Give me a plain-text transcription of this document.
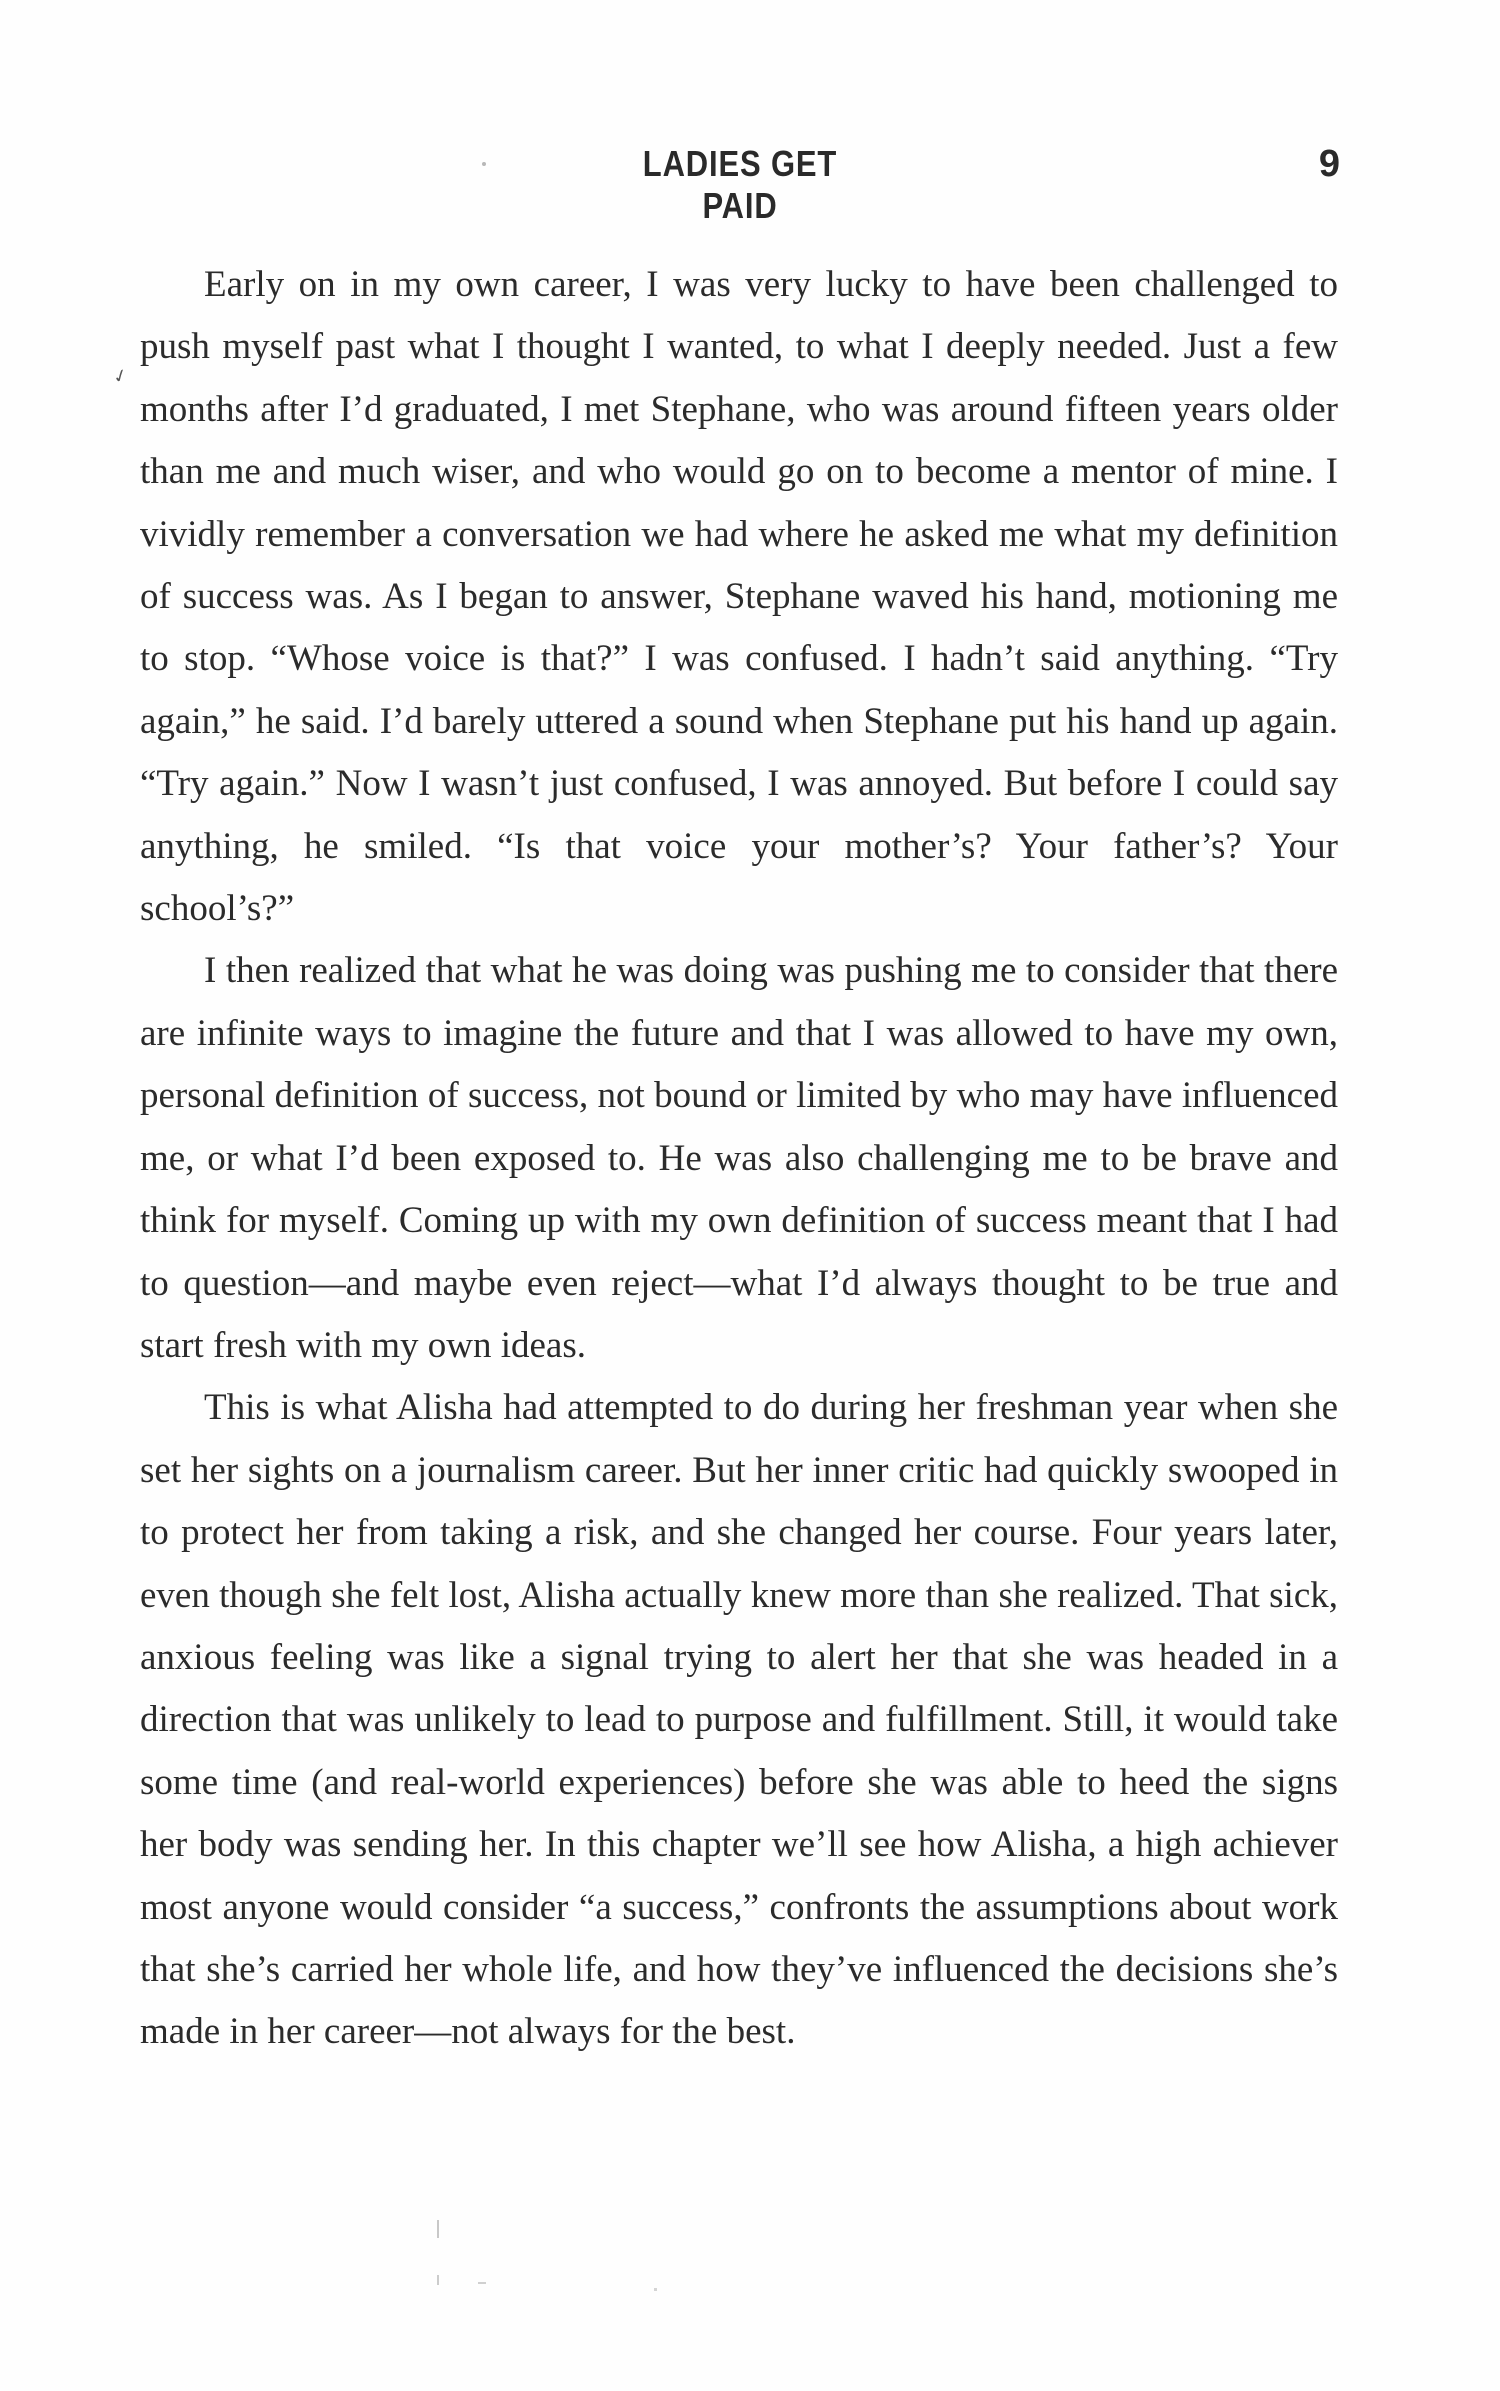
LADIES GET PAID
9

Early on in my own career, I was very lucky to have been challenged to push myself past what I thought I wanted, to what I deeply needed. Just a few months after I’d graduated, I met Stephane, who was around fifteen years older than me and much wiser, and who would go on to become a mentor of mine. I vividly remember a conversation we had where he asked me what my definition of success was. As I began to answer, Stephane waved his hand, motioning me to stop. “Whose voice is that?” I was confused. I hadn’t said anything. “Try again,” he said. I’d barely uttered a sound when Stephane put his hand up again. “Try again.” Now I wasn’t just confused, I was annoyed. But before I could say anything, he smiled. “Is that voice your mother’s? Your father’s? Your school’s?”

I then realized that what he was doing was pushing me to consider that there are infinite ways to imagine the future and that I was allowed to have my own, personal definition of success, not bound or limited by who may have influenced me, or what I’d been exposed to. He was also challenging me to be brave and think for myself. Coming up with my own definition of success meant that I had to question—and maybe even reject—what I’d always thought to be true and start fresh with my own ideas.

This is what Alisha had attempted to do during her freshman year when she set her sights on a journalism career. But her inner critic had quickly swooped in to protect her from taking a risk, and she changed her course. Four years later, even though she felt lost, Alisha actually knew more than she realized. That sick, anxious feeling was like a signal trying to alert her that she was headed in a direction that was unlikely to lead to purpose and fulfillment. Still, it would take some time (and real-world experiences) before she was able to heed the signs her body was sending her. In this chapter we’ll see how Alisha, a high achiever most anyone would consider “a success,” confronts the assumptions about work that she’s carried her whole life, and how they’ve influenced the decisions she’s made in her career—not always for the best.

✓
